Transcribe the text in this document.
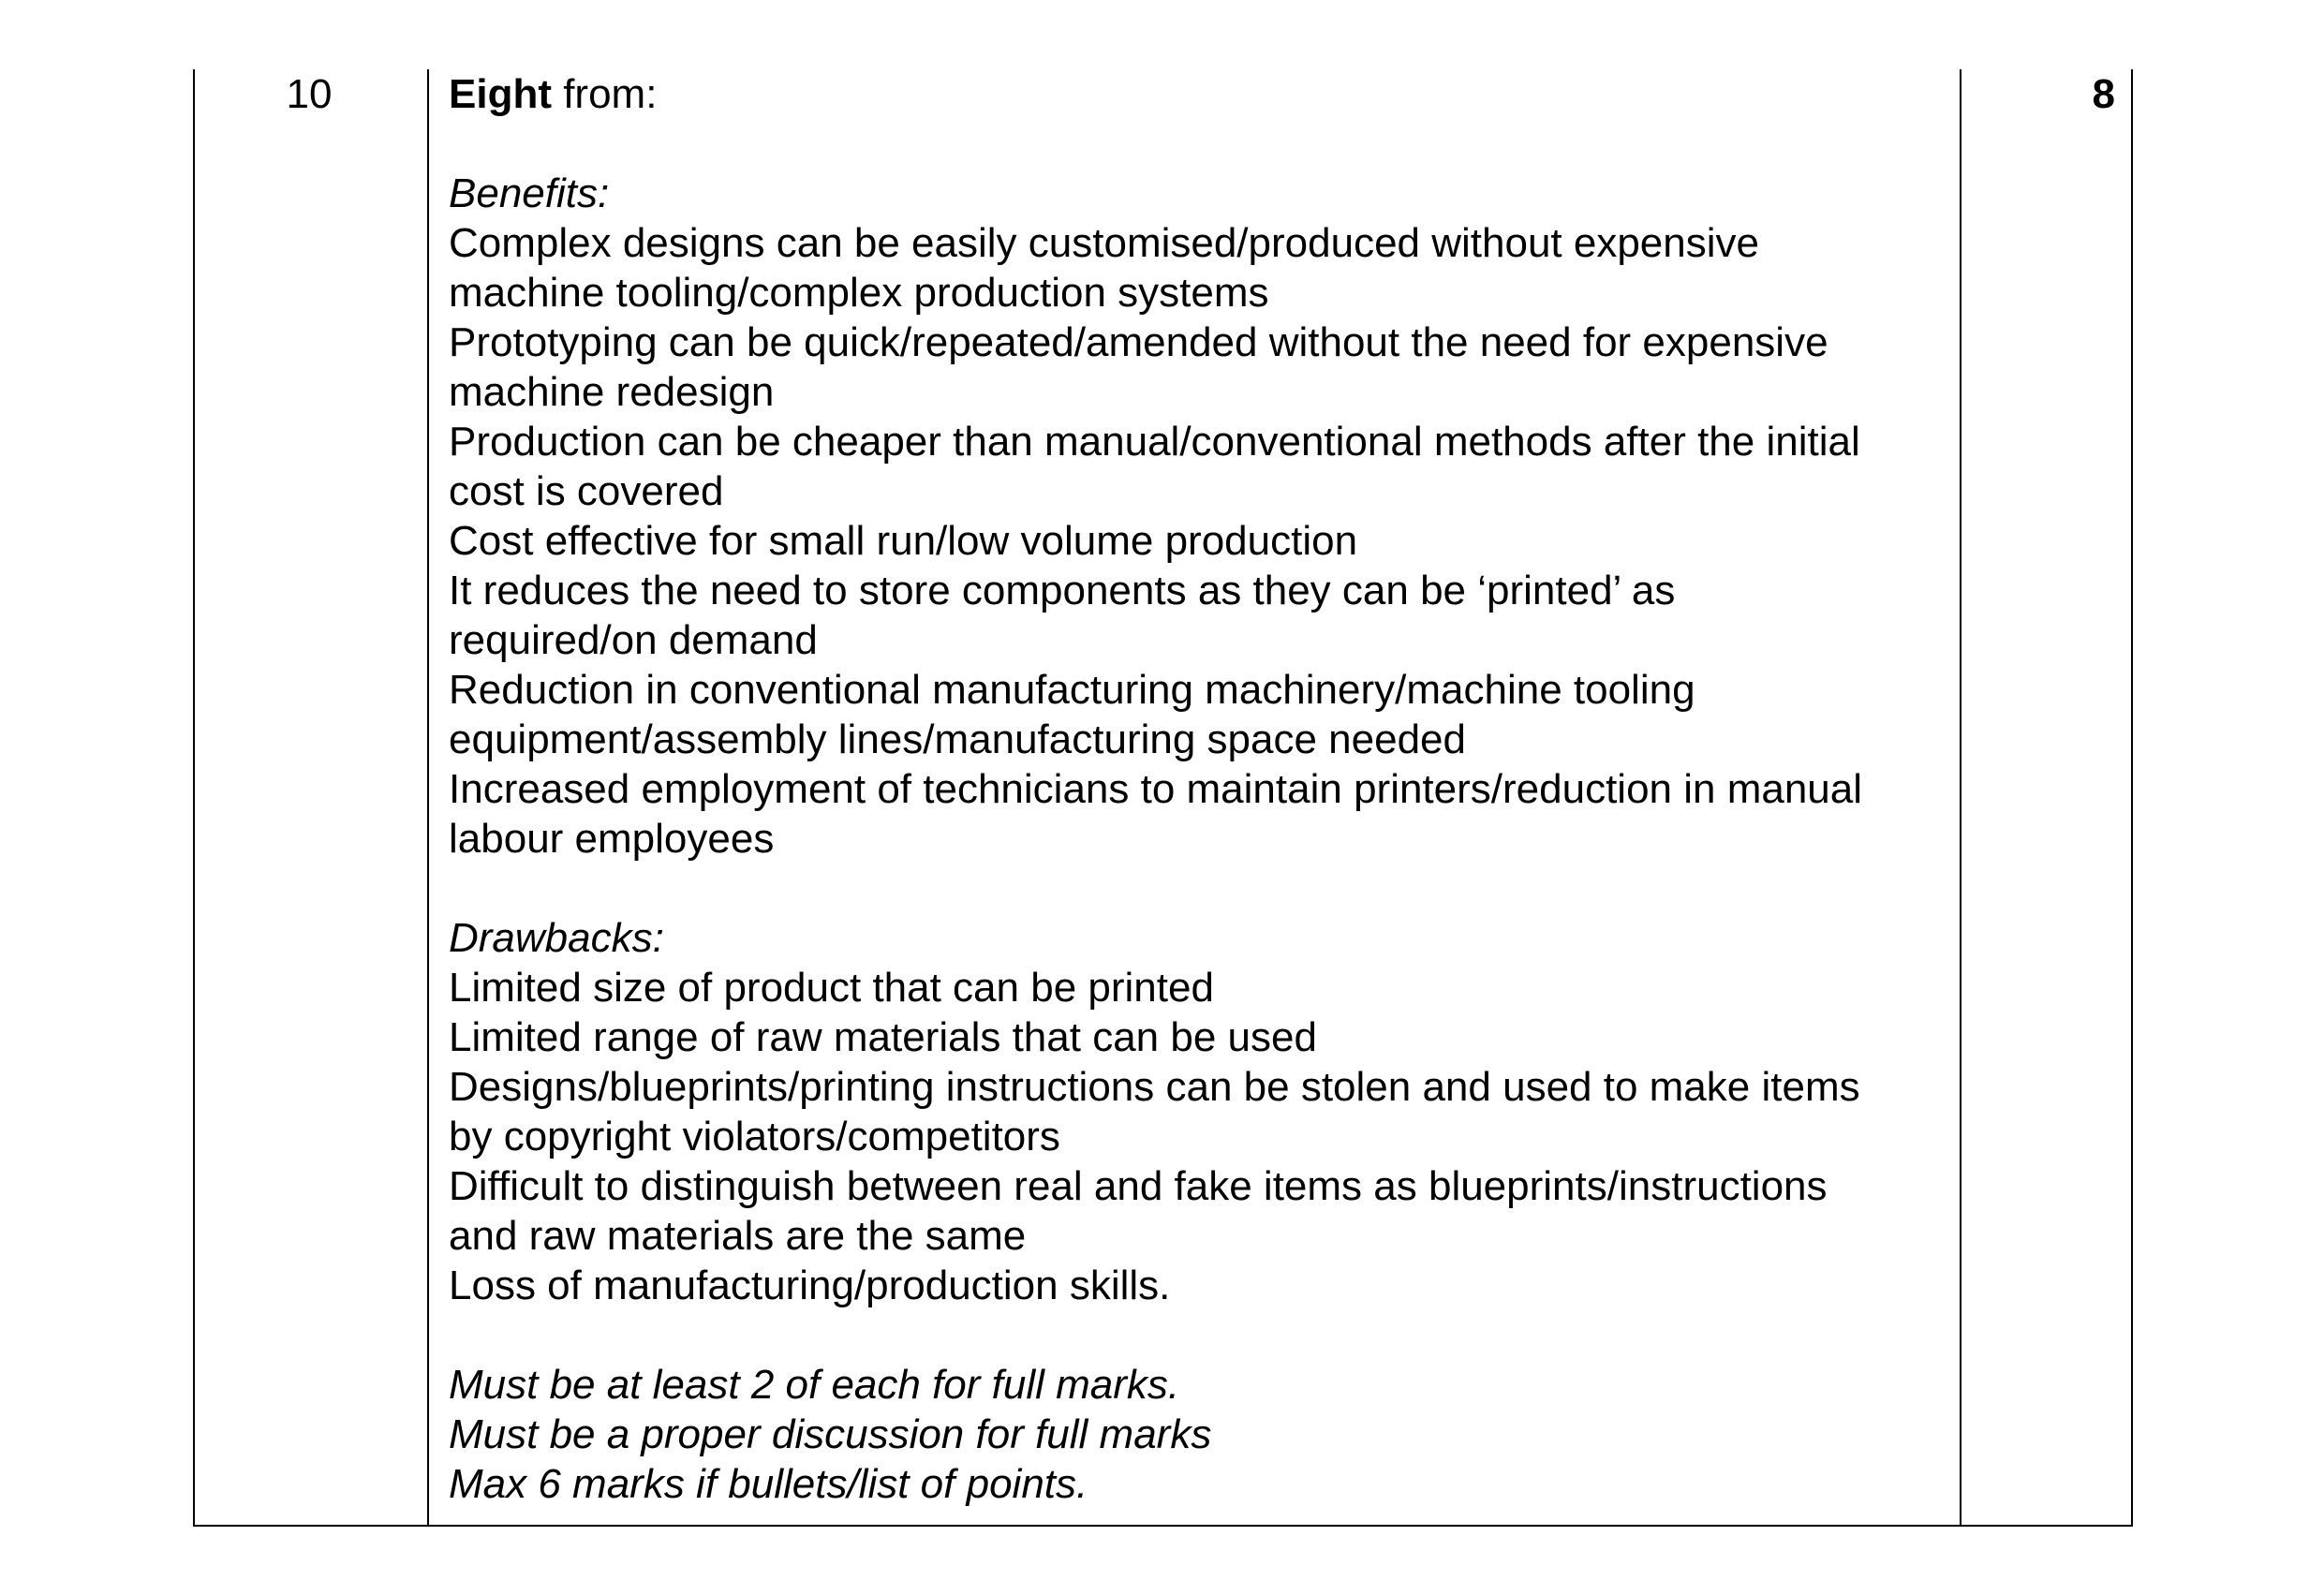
10	8
Eight from:
Benefits:
Complex designs can be easily customised/produced without expensive
machine tooling/complex production systems
Prototyping can be quick/repeated/amended without the need for expensive
machine redesign
Production can be cheaper than manual/conventional methods after the initial
cost is covered
Cost effective for small run/low volume production
It reduces the need to store components as they can be ‘printed’ as
required/on demand
Reduction in conventional manufacturing machinery/machine tooling
equipment/assembly lines/manufacturing space needed
Increased employment of technicians to maintain printers/reduction in manual
labour employees
Drawbacks:
Limited size of product that can be printed
Limited range of raw materials that can be used
Designs/blueprints/printing instructions can be stolen and used to make items
by copyright violators/competitors
Difficult to distinguish between real and fake items as blueprints/instructions
and raw materials are the same
Loss of manufacturing/production skills.
Must be at least 2 of each for full marks.
Must be a proper discussion for full marks
Max 6 marks if bullets/list of points.
